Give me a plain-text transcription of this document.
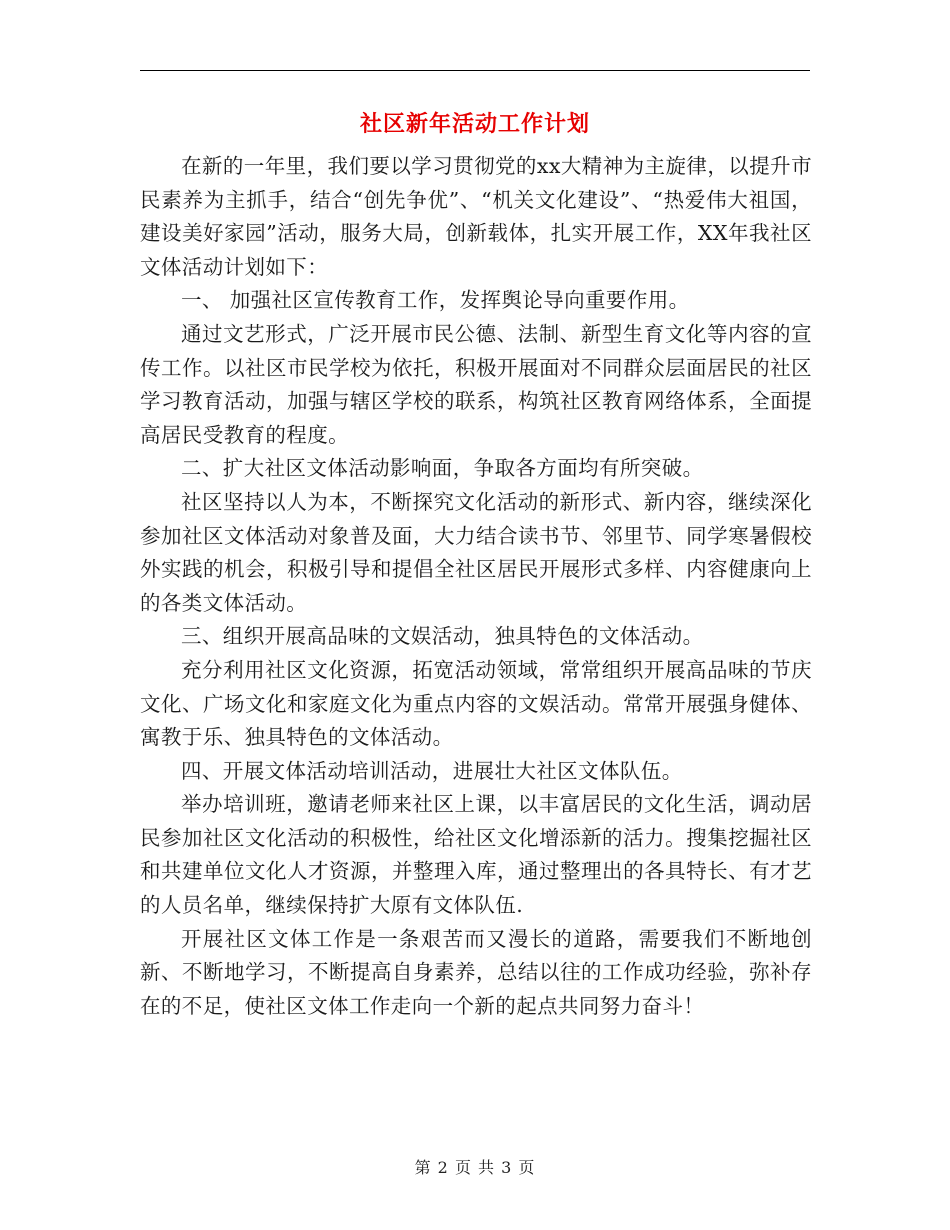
社区新年活动工作计划

在新的一年里，我们要以学习贯彻党的xx大精神为主旋律，以提升市民素养为主抓手，结合“创先争优”、“机关文化建设”、“热爱伟大祖国，建设美好家园”活动，服务大局，创新载体，扎实开展工作，XX年我社区文体活动计划如下：

一、 加强社区宣传教育工作，发挥舆论导向重要作用。

通过文艺形式，广泛开展市民公德、法制、新型生育文化等内容的宣传工作。以社区市民学校为依托，积极开展面对不同群众层面居民的社区学习教育活动，加强与辖区学校的联系，构筑社区教育网络体系，全面提高居民受教育的程度。

二、扩大社区文体活动影响面，争取各方面均有所突破。

社区坚持以人为本，不断探究文化活动的新形式、新内容，继续深化参加社区文体活动对象普及面，大力结合读书节、邻里节、同学寒暑假校外实践的机会，积极引导和提倡全社区居民开展形式多样、内容健康向上的各类文体活动。

三、组织开展高品味的文娱活动，独具特色的文体活动。

充分利用社区文化资源，拓宽活动领域，常常组织开展高品味的节庆文化、广场文化和家庭文化为重点内容的文娱活动。常常开展强身健体、寓教于乐、独具特色的文体活动。

四、开展文体活动培训活动，进展壮大社区文体队伍。

举办培训班，邀请老师来社区上课，以丰富居民的文化生活，调动居民参加社区文化活动的积极性，给社区文化增添新的活力。搜集挖掘社区和共建单位文化人才资源，并整理入库，通过整理出的各具特长、有才艺的人员名单，继续保持扩大原有文体队伍.

开展社区文体工作是一条艰苦而又漫长的道路，需要我们不断地创新、不断地学习，不断提高自身素养，总结以往的工作成功经验，弥补存在的不足，使社区文体工作走向一个新的起点共同努力奋斗！

第 2 页 共 3 页
